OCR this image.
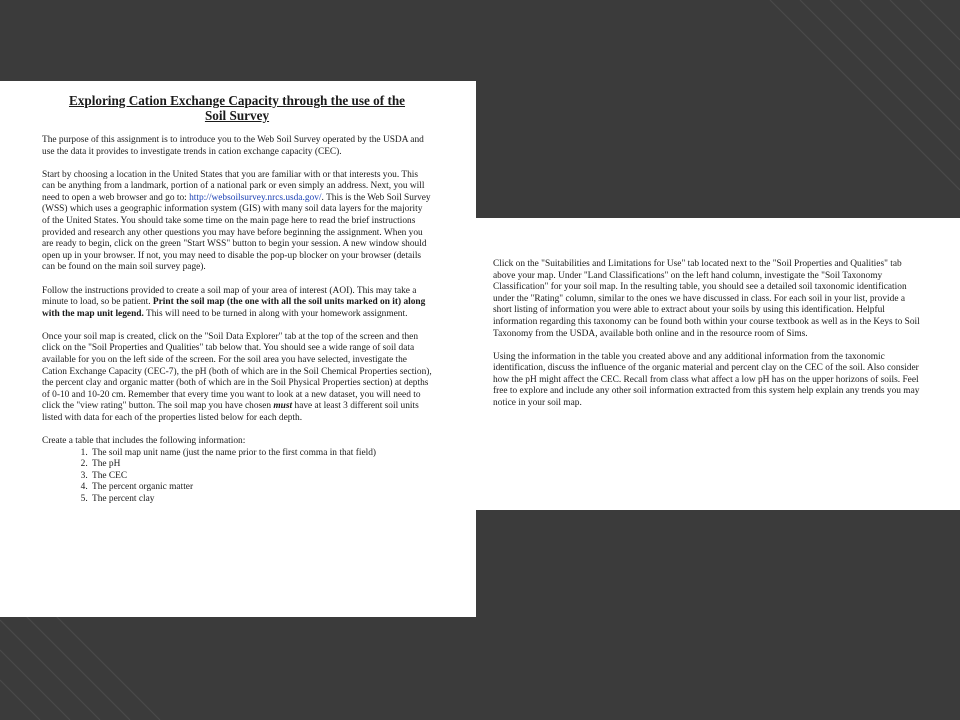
Exploring Cation Exchange Capacity through the use of the
Soil Survey

The purpose of this assignment is to introduce you to the Web Soil Survey operated by the USDA and use the data it provides to investigate trends in cation exchange capacity (CEC).

Start by choosing a location in the United States that you are familiar with or that interests you. This can be anything from a landmark, portion of a national park or even simply an address. Next, you will need to open a web browser and go to: http://websoilsurvey.nrcs.usda.gov/. This is the Web Soil Survey (WSS) which uses a geographic information system (GIS) with many soil data layers for the majority of the United States. You should take some time on the main page here to read the brief instructions provided and research any other questions you may have before beginning the assignment. When you are ready to begin, click on the green "Start WSS" button to begin your session. A new window should open up in your browser. If not, you may need to disable the pop-up blocker on your browser (details can be found on the main soil survey page).

Follow the instructions provided to create a soil map of your area of interest (AOI). This may take a minute to load, so be patient. Print the soil map (the one with all the soil units marked on it) along with the map unit legend. This will need to be turned in along with your homework assignment.

Once your soil map is created, click on the "Soil Data Explorer" tab at the top of the screen and then click on the "Soil Properties and Qualities" tab below that. You should see a wide range of soil data available for you on the left side of the screen. For the soil area you have selected, investigate the Cation Exchange Capacity (CEC-7), the pH (both of which are in the Soil Chemical Properties section), the percent clay and organic matter (both of which are in the Soil Physical Properties section) at depths of 0-10 and 10-20 cm. Remember that every time you want to look at a new dataset, you will need to click the "view rating" button. The soil map you have chosen must have at least 3 different soil units listed with data for each of the properties listed below for each depth.

Create a table that includes the following information:
1. The soil map unit name (just the name prior to the first comma in that field)
2. The pH
3. The CEC
4. The percent organic matter
5. The percent clay

Click on the "Suitabilities and Limitations for Use" tab located next to the "Soil Properties and Qualities" tab above your map. Under "Land Classifications" on the left hand column, investigate the "Soil Taxonomy Classification" for your soil map. In the resulting table, you should see a detailed soil taxonomic identification under the "Rating" column, similar to the ones we have discussed in class. For each soil in your list, provide a short listing of information you were able to extract about your soils by using this identification. Helpful information regarding this taxonomy can be found both within your course textbook as well as in the Keys to Soil Taxonomy from the USDA, available both online and in the resource room of Sims.

Using the information in the table you created above and any additional information from the taxonomic identification, discuss the influence of the organic material and percent clay on the CEC of the soil. Also consider how the pH might affect the CEC. Recall from class what affect a low pH has on the upper horizons of soils. Feel free to explore and include any other soil information extracted from this system help explain any trends you may notice in your soil map.
